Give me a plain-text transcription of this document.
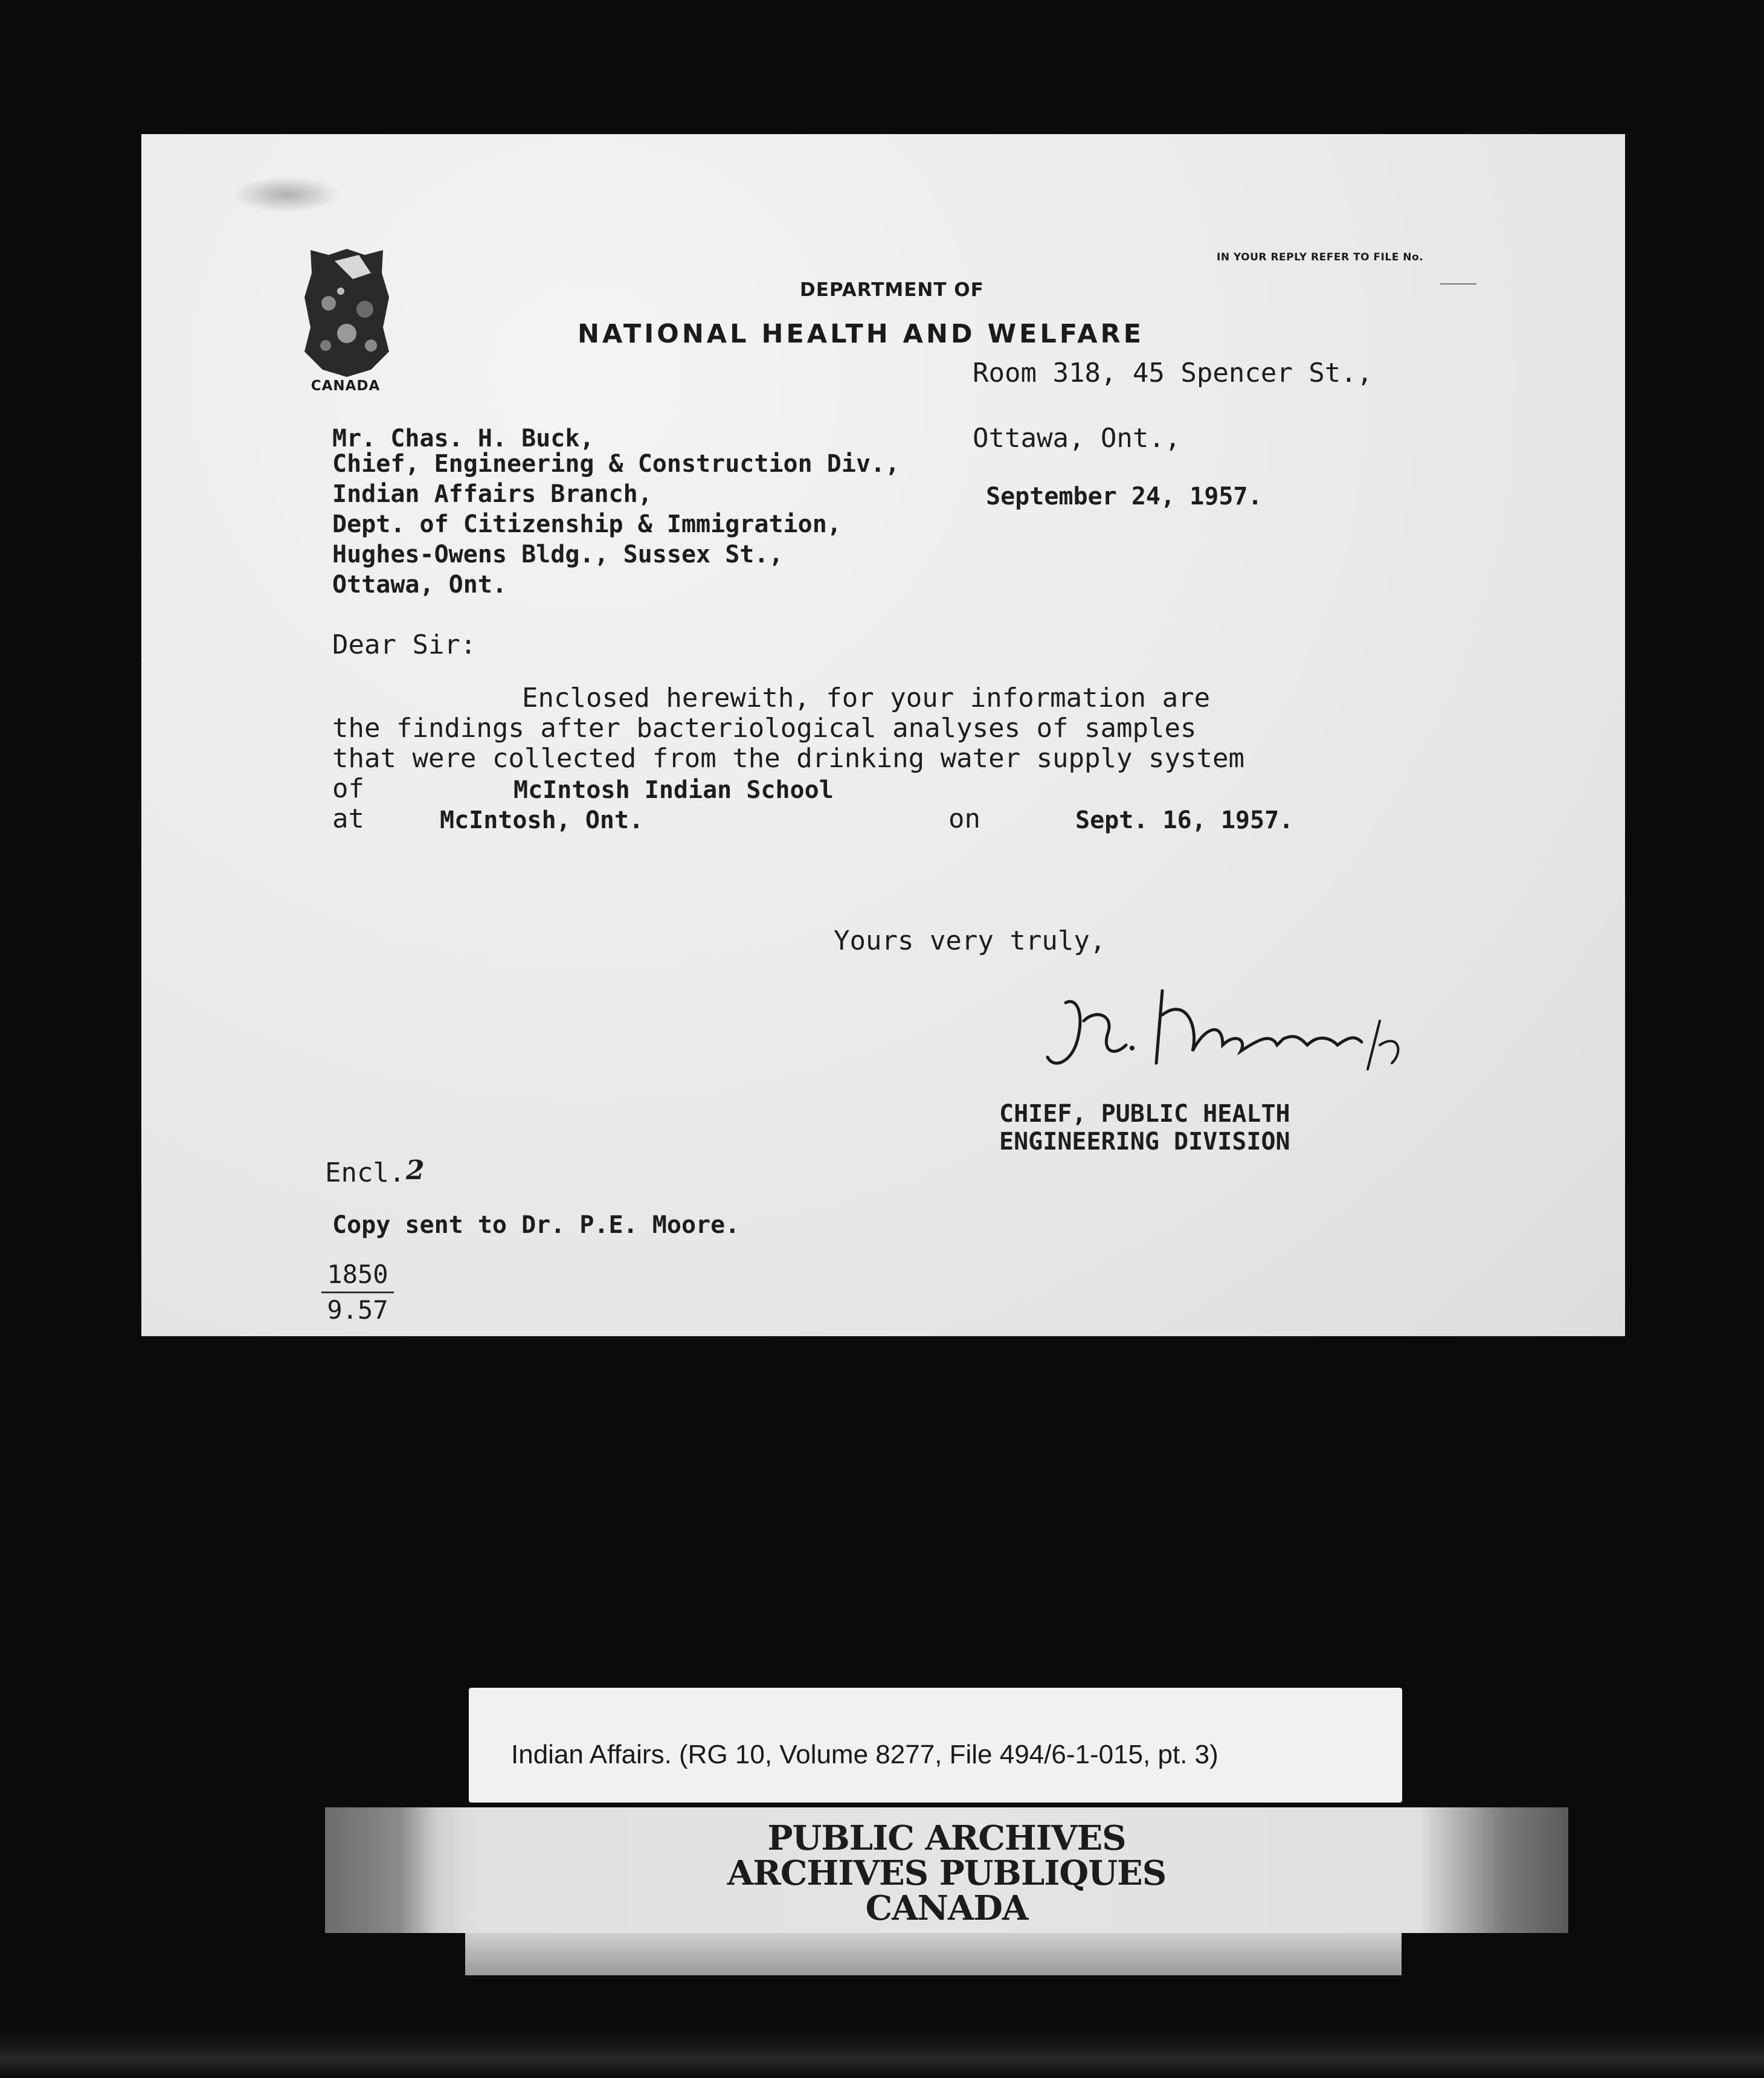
CANADA
IN YOUR REPLY REFER TO FILE No.
DEPARTMENT OF
NATIONAL HEALTH AND WELFARE
Room 318, 45 Spencer St.,
Ottawa, Ont.,
September 24, 1957.
Mr. Chas. H. Buck,
Chief, Engineering & Construction Div.,
Indian Affairs Branch,
Dept. of Citizenship & Immigration,
Hughes-Owens Bldg., Sussex St.,
Ottawa, Ont.
Dear Sir:
Enclosed herewith, for your information are
the findings after bacteriological analyses of samples
that were collected from the drinking water supply system
of	McIntosh Indian School
at	McIntosh, Ont.	on	Sept. 16, 1957.
Yours very truly,
CHIEF, PUBLIC HEALTH
ENGINEERING DIVISION
Encl. 2
Copy sent to Dr. P.E. Moore.
1850
9.57
Indian Affairs. (RG 10, Volume 8277, File 494/6-1-015, pt. 3)
PUBLIC ARCHIVES
ARCHIVES PUBLIQUES
CANADA
